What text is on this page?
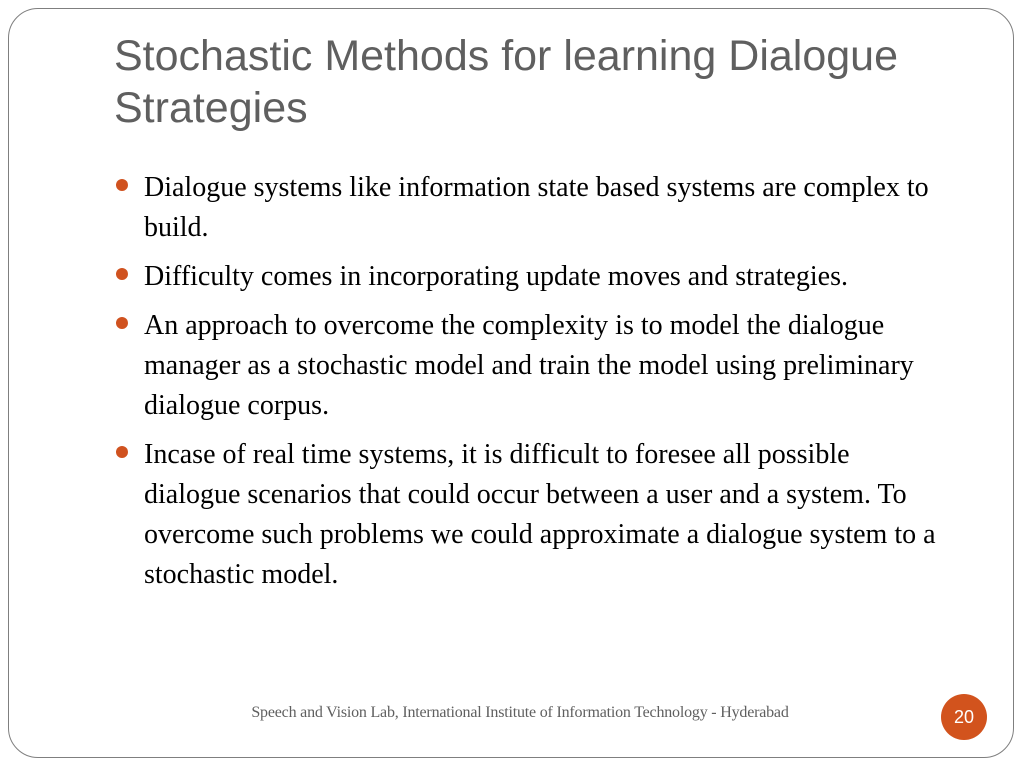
Stochastic Methods for learning Dialogue Strategies
Dialogue systems like information state based systems are complex to build.
Difficulty comes in incorporating update moves and strategies.
An approach to overcome the complexity is to model the dialogue manager as a stochastic model and train the model using preliminary dialogue corpus.
Incase of real time systems, it is difficult to foresee all possible dialogue scenarios that could occur between a user and a system. To overcome such problems we could approximate a dialogue system to a stochastic model.
Speech and Vision Lab, International Institute of Information Technology - Hyderabad	20
